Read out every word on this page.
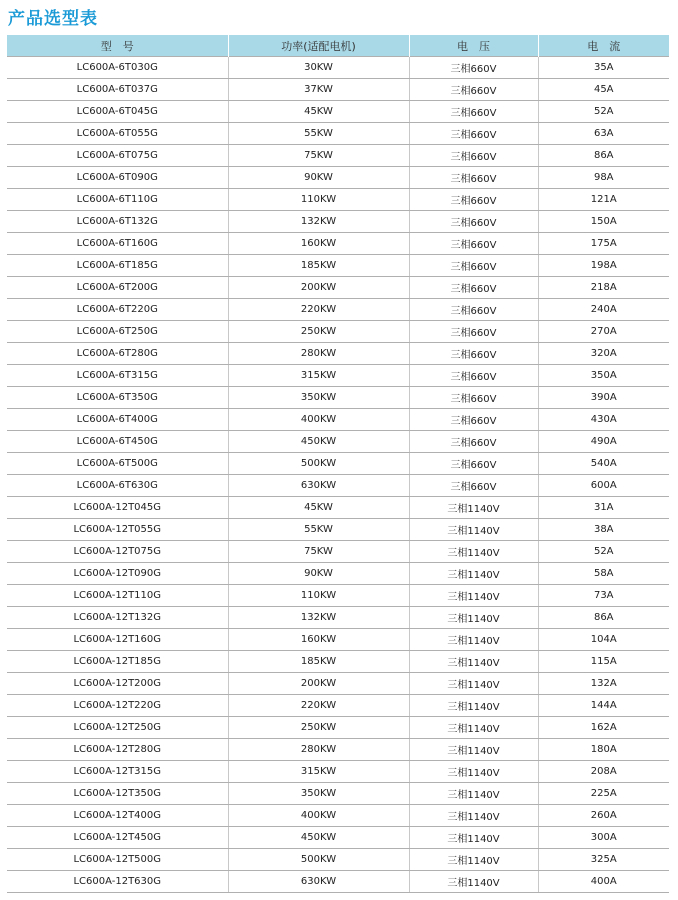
产品选型表
型　号	功率(适配电机)	电　压	电　流
LC600A-6T030G	30KW	三相660V	35A
LC600A-6T037G	37KW	三相660V	45A
LC600A-6T045G	45KW	三相660V	52A
LC600A-6T055G	55KW	三相660V	63A
LC600A-6T075G	75KW	三相660V	86A
LC600A-6T090G	90KW	三相660V	98A
LC600A-6T110G	110KW	三相660V	121A
LC600A-6T132G	132KW	三相660V	150A
LC600A-6T160G	160KW	三相660V	175A
LC600A-6T185G	185KW	三相660V	198A
LC600A-6T200G	200KW	三相660V	218A
LC600A-6T220G	220KW	三相660V	240A
LC600A-6T250G	250KW	三相660V	270A
LC600A-6T280G	280KW	三相660V	320A
LC600A-6T315G	315KW	三相660V	350A
LC600A-6T350G	350KW	三相660V	390A
LC600A-6T400G	400KW	三相660V	430A
LC600A-6T450G	450KW	三相660V	490A
LC600A-6T500G	500KW	三相660V	540A
LC600A-6T630G	630KW	三相660V	600A
LC600A-12T045G	45KW	三相1140V	31A
LC600A-12T055G	55KW	三相1140V	38A
LC600A-12T075G	75KW	三相1140V	52A
LC600A-12T090G	90KW	三相1140V	58A
LC600A-12T110G	110KW	三相1140V	73A
LC600A-12T132G	132KW	三相1140V	86A
LC600A-12T160G	160KW	三相1140V	104A
LC600A-12T185G	185KW	三相1140V	115A
LC600A-12T200G	200KW	三相1140V	132A
LC600A-12T220G	220KW	三相1140V	144A
LC600A-12T250G	250KW	三相1140V	162A
LC600A-12T280G	280KW	三相1140V	180A
LC600A-12T315G	315KW	三相1140V	208A
LC600A-12T350G	350KW	三相1140V	225A
LC600A-12T400G	400KW	三相1140V	260A
LC600A-12T450G	450KW	三相1140V	300A
LC600A-12T500G	500KW	三相1140V	325A
LC600A-12T630G	630KW	三相1140V	400A
